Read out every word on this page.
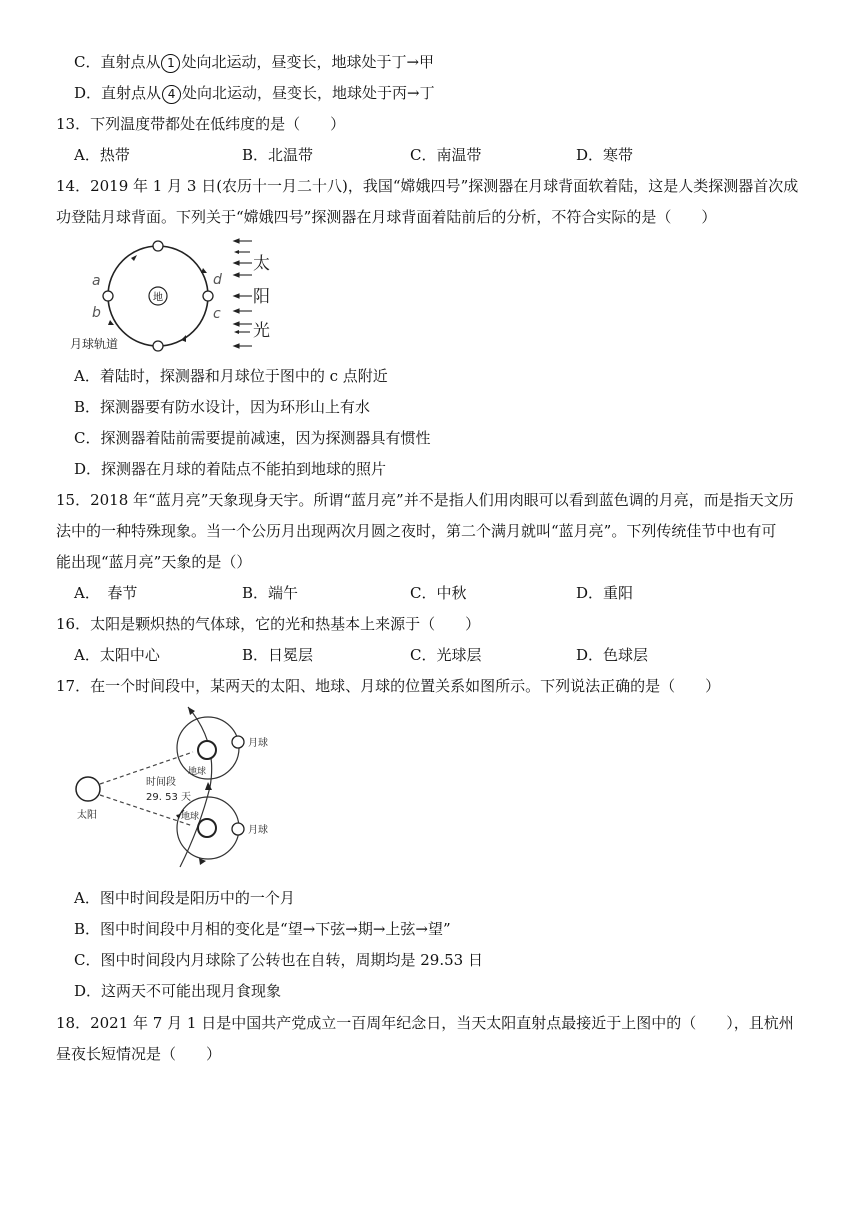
C．直射点从 1 处向北运动，昼变长，地球处于丁→甲
D．直射点从 4 处向北运动，昼变长，地球处于丙→丁
13．下列温度带都处在低纬度的是（　　）
A．热带	B．北温带	C．南温带	D．寒带
14．2019 年 1 月 3 日(农历十一月二十八)，我国“嫦娥四号”探测器在月球背面软着陆，这是人类探测器首次成
功登陆月球背面。下列关于“嫦娥四号”探测器在月球背面着陆前后的分析，不符合实际的是（　　）
地
a
b	c
d
太
阳
光
月球轨道
A．着陆时，探测器和月球位于图中的 c 点附近
B．探测器要有防水设计，因为环形山上有水
C．探测器着陆前需要提前减速，因为探测器具有惯性
D．探测器在月球的着陆点不能拍到地球的照片
15．2018 年“蓝月亮”天象现身天宇。所谓“蓝月亮”并不是指人们用肉眼可以看到蓝色调的月亮，而是指天文历
法中的一种特殊现象。当一个公历月出现两次月圆之夜时，第二个满月就叫“蓝月亮”。下列传统佳节中也有可
能出现“蓝月亮”天象的是（）
A．　春节	B．端午	C．中秋	D．重阳
16．太阳是颗炽热的气体球，它的光和热基本上来源于（　　）
A．太阳中心	B．日冕层	C．光球层	D．色球层
17．在一个时间段中，某两天的太阳、地球、月球的位置关系如图所示。下列说法正确的是（　　）
太阳
月球
月球
地球
地球
时间段
29. 53 天
A．图中时间段是阳历中的一个月
B．图中时间段中月相的变化是“望→下弦→期→上弦→望”
C．图中时间段内月球除了公转也在自转，周期均是 29.53 日
D．这两天不可能出现月食现象
18．2021 年 7 月 1 日是中国共产党成立一百周年纪念日，当天太阳直射点最接近于上图中的（　　），且杭州
昼夜长短情况是（　　）
